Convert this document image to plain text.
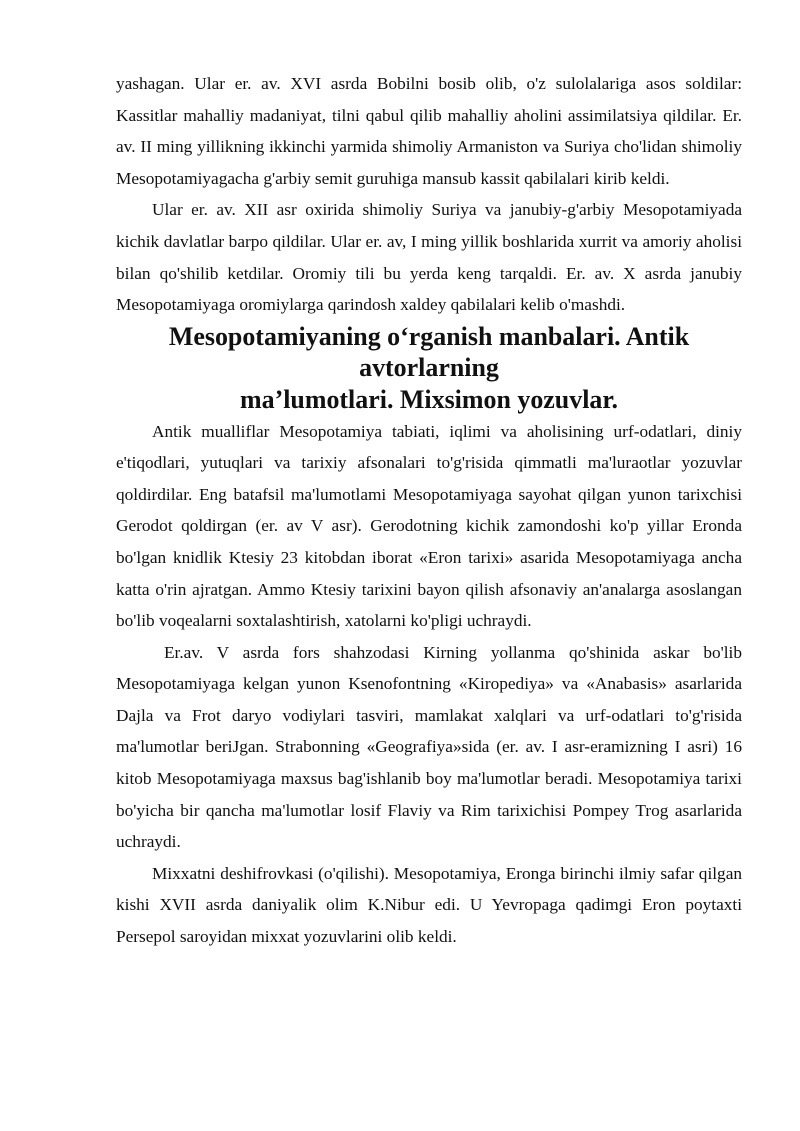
yashagan. Ular er. av. XVI asrda Bobilni bosib olib, o'z sulolalariga asos soldilar: Kassitlar mahalliy madaniyat, tilni qabul qilib mahalliy aholini assimilatsiya qildilar. Er. av. II ming yillikning ikkinchi yarmida shimoliy Armaniston va Suriya cho'lidan shimoliy Mesopotamiyagacha g'arbiy semit guruhiga mansub kassit qabilalari kirib keldi.

Ular er. av. XII asr oxirida shimoliy Suriya va janubiy-g'arbiy Mesopotamiyada kichik davlatlar barpo qildilar. Ular er. av, I ming yillik boshlarida xurrit va amoriy aholisi bilan qo'shilib ketdilar. Oromiy tili bu yerda keng tarqaldi. Er. av. X asrda janubiy Mesopotamiyaga oromiylarga qarindosh xaldey qabilalari kelib o'mashdi.

Mesopotamiyaning o‘rganish manbalari. Antik avtorlarning
ma’lumotlari. Mixsimon yozuvlar.

Antik mualliflar Mesopotamiya tabiati, iqlimi va aholisining urf-odatlari, diniy e'tiqodlari, yutuqlari va tarixiy afsonalari to'g'risida qimmatli ma'luraotlar yozuvlar qoldirdilar. Eng batafsil ma'lumotlami Mesopotamiyaga sayohat qilgan yunon tarixchisi Gerodot qoldirgan (er. av V asr). Gerodotning kichik zamondoshi ko'p yillar Eronda bo'lgan knidlik Ktesiy 23 kitobdan iborat «Eron tarixi» asarida Mesopotamiyaga ancha katta o'rin ajratgan. Ammo Ktesiy tarixini bayon qilish afsonaviy an'analarga asoslangan bo'lib voqealarni soxtalashtirish, xatolarni ko'pligi uchraydi.

Er.av. V asrda fors shahzodasi Kirning yollanma qo'shinida askar bo'lib Mesopotamiyaga kelgan yunon Ksenofontning «Kiropediya» va «Anabasis» asarlarida Dajla va Frot daryo vodiylari tasviri, mamlakat xalqlari va urf-odatlari to'g'risida ma'lumotlar beriJgan. Strabonning «Geografiya»sida (er. av. I asr-eramizning I asri) 16 kitob Mesopotamiyaga maxsus bag'ishlanib boy ma'lumotlar beradi. Mesopotamiya tarixi bo'yicha bir qancha ma'lumotlar losif Flaviy va Rim tarixichisi Pompey Trog asarlarida uchraydi.

Mixxatni deshifrovkasi (o'qilishi). Mesopotamiya, Eronga birinchi ilmiy safar qilgan kishi XVII asrda daniyalik olim K.Nibur edi. U Yevropaga qadimgi Eron poytaxti Persepol saroyidan mixxat yozuvlarini olib keldi.
